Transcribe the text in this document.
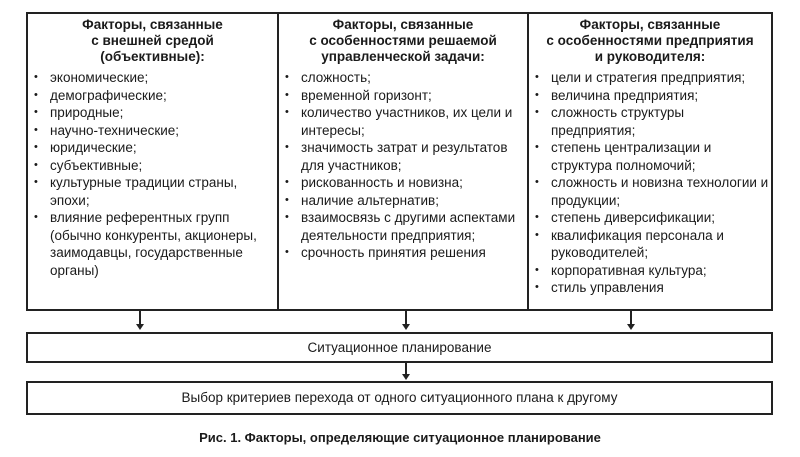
Факторы, связанные
с внешней средой
(объективные):
• экономические;
• демографические;
• природные;
• научно-технические;
• юридические;
• субъективные;
• культурные традиции страны, эпохи;
• влияние референтных групп (обычно конкуренты, акционеры, заимодавцы, государственные органы)
Факторы, связанные
с особенностями решаемой
управленческой задачи:
• сложность;
• временной горизонт;
• количество участников, их цели и интересы;
• значимость затрат и результатов для участников;
• рискованность и новизна;
• наличие альтернатив;
• взаимосвязь с другими аспектами деятельности предприятия;
• срочность принятия решения
Факторы, связанные
с особенностями предприятия
и руководителя:
• цели и стратегия предприятия;
• величина предприятия;
• сложность структуры предприятия;
• степень централизации и структура полномочий;
• сложность и новизна технологии и продукции;
• степень диверсификации;
• квалификация персонала и руководителей;
• корпоративная культура;
• стиль управления
Ситуационное планирование
Выбор критериев перехода от одного ситуационного плана к другому
Рис. 1. Факторы, определяющие ситуационное планирование
